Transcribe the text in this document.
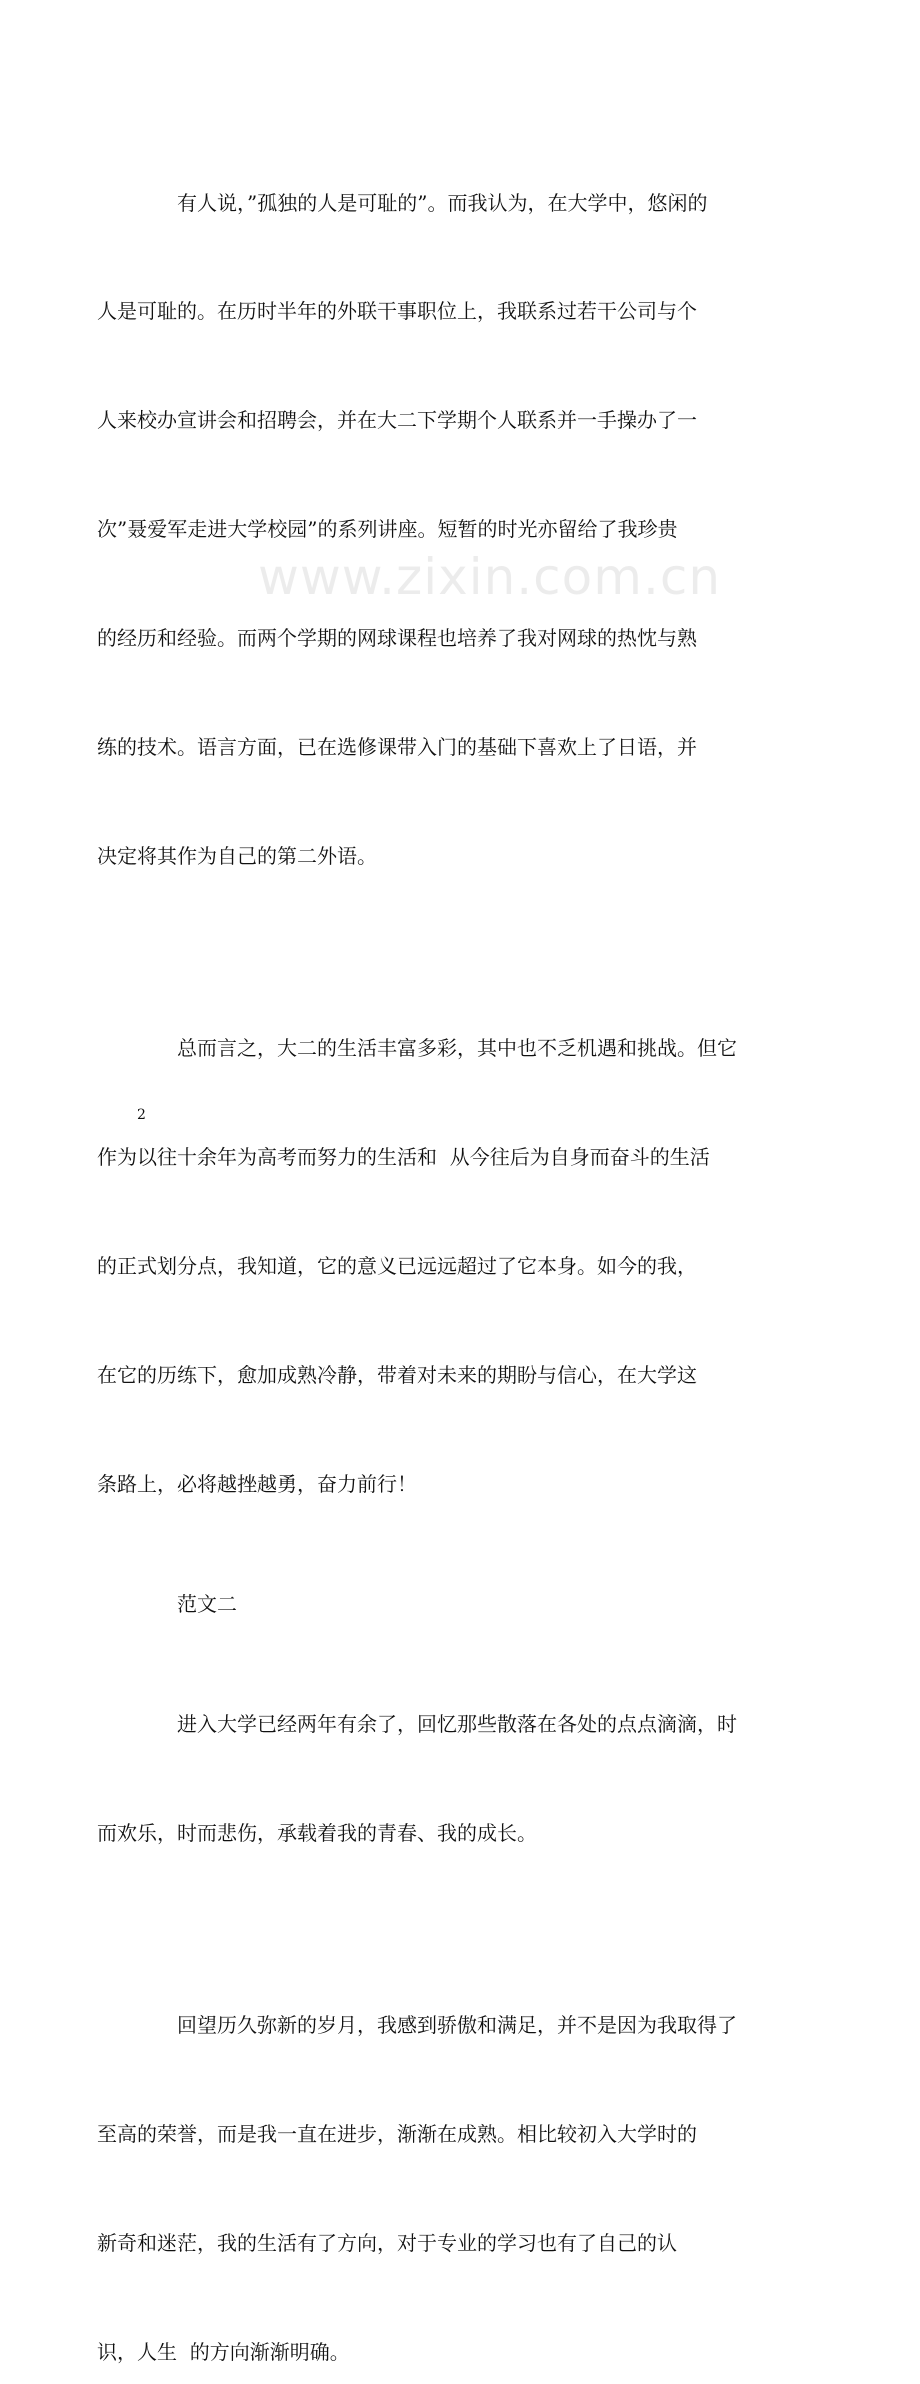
www.zixin.com.cn

有人说，”孤独的人是可耻的”。而我认为，在大学中，悠闲的

人是可耻的。在历时半年的外联干事职位上，我联系过若干公司与个

人来校办宣讲会和招聘会，并在大二下学期个人联系并一手操办了一

次”聂爱军走进大学校园”的系列讲座。短暂的时光亦留给了我珍贵

的经历和经验。而两个学期的网球课程也培养了我对网球的热忱与熟

练的技术。语言方面，已在选修课带入门的基础下喜欢上了日语，并

决定将其作为自己的第二外语。

总而言之，大二的生活丰富多彩，其中也不乏机遇和挑战。但它

作为以往十余年为高考而努力的生活和  从今往后为自身而奋斗的生活

的正式划分点，我知道，它的意义已远远超过了它本身。如今的我，

在它的历练下，愈加成熟冷静，带着对未来的期盼与信心，在大学这

条路上，必将越挫越勇，奋力前行！

范文二

进入大学已经两年有余了，回忆那些散落在各处的点点滴滴，时

而欢乐，时而悲伤，承载着我的青春、我的成长。

回望历久弥新的岁月，我感到骄傲和满足，并不是因为我取得了

至高的荣誉，而是我一直在进步，渐渐在成熟。相比较初入大学时的

新奇和迷茫，我的生活有了方向，对于专业的学习也有了自己的认

识，人生  的方向渐渐明确。

2
